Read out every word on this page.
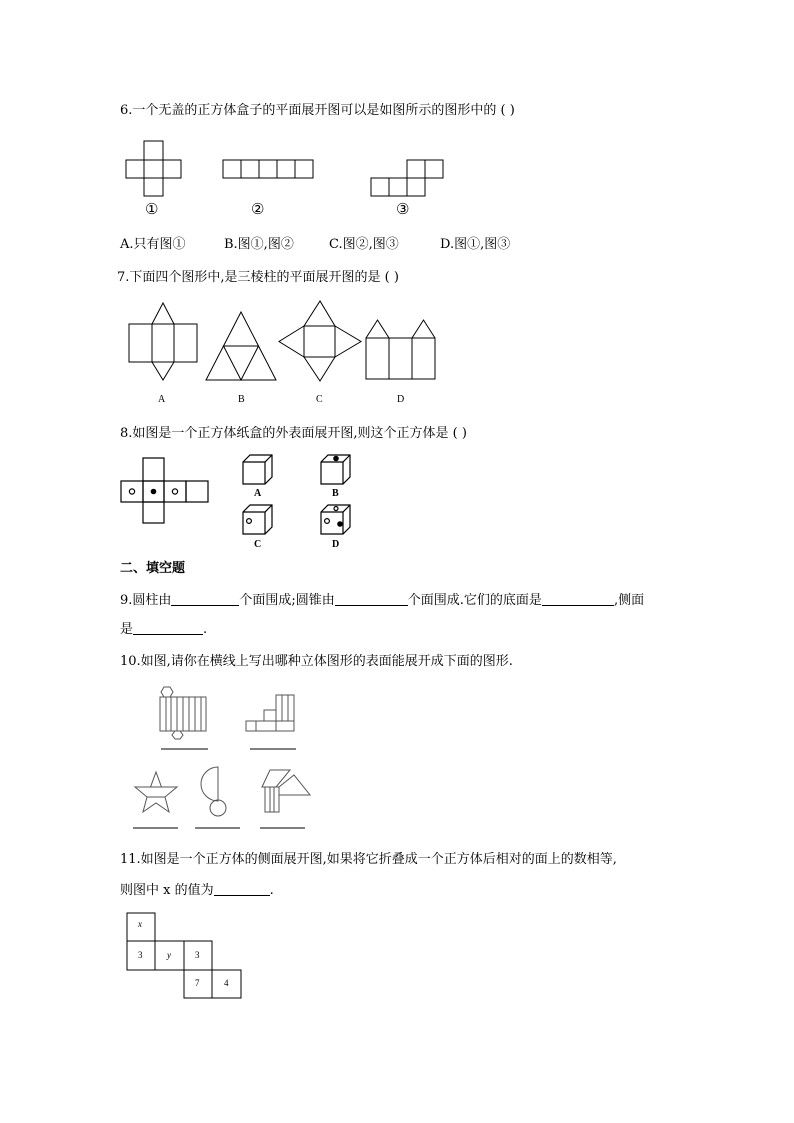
6.一个无盖的正方体盒子的平面展开图可以是如图所示的图形中的 ( )
①	②	③
A.只有图①	B.图①,图②	C.图②,图③	D.图①,图③
7.下面四个图形中,是三棱柱的平面展开图的是 ( )
A	B	C	D
8.如图是一个正方体纸盒的外表面展开图,则这个正方体是 ( )
A	B
C	D
二、填空题
9.圆柱由	个面围成;圆锥由	个面围成.它们的底面是	,侧面
是	.
10.如图,请你在横线上写出哪种立体图形的表面能展开成下面的图形.
11.如图是一个正方体的侧面展开图,如果将它折叠成一个正方体后相对的面上的数相等,
则图中 x 的值为	.
x
3	y	3
7	4
